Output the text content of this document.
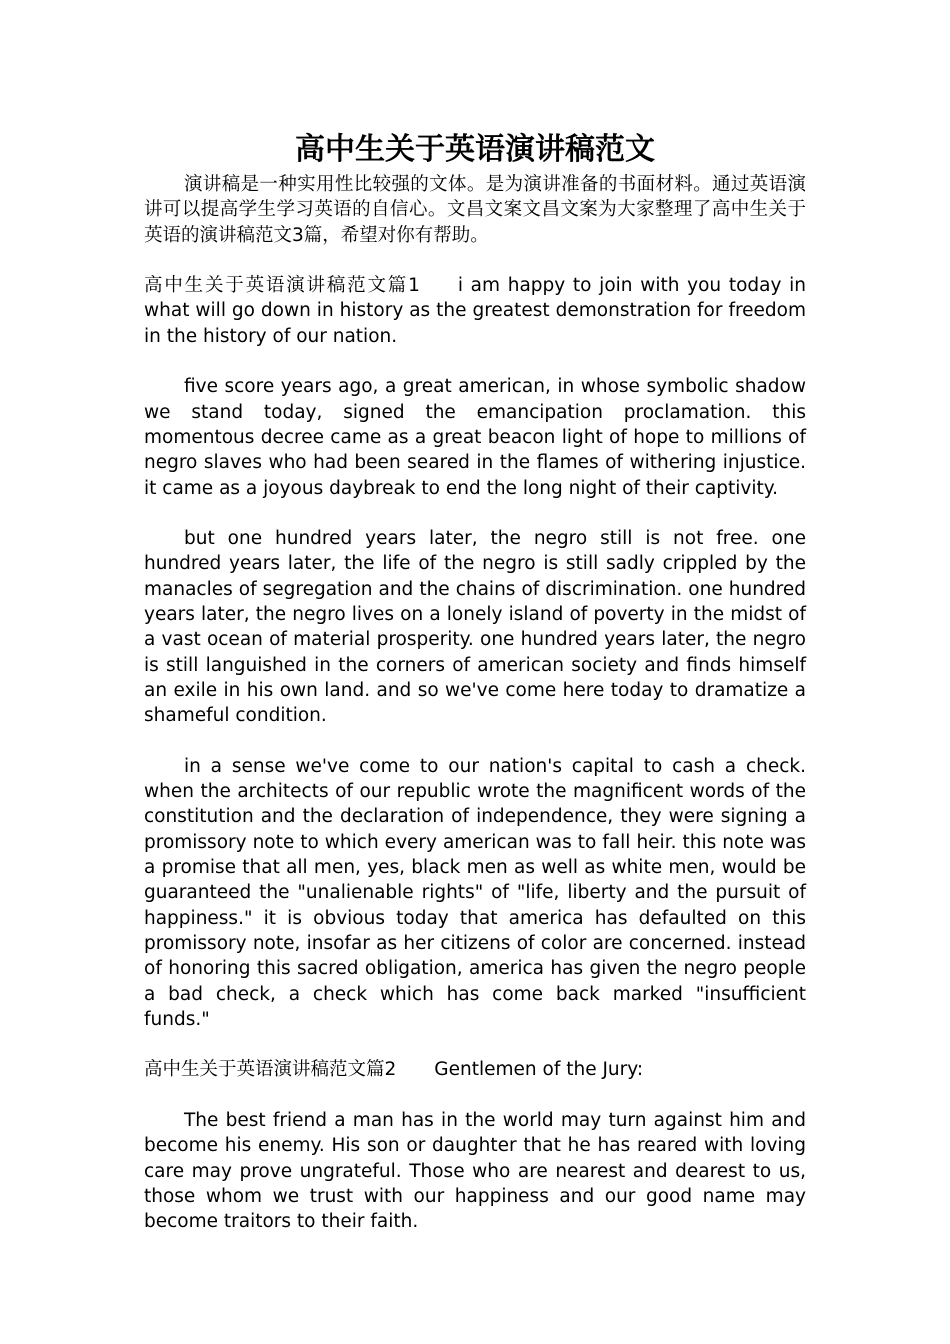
高中生关于英语演讲稿范文

演讲稿是一种实用性比较强的文体。是为演讲准备的书面材料。通过英语演讲可以提高学生学习英语的自信心。文昌文案文昌文案为大家整理了高中生关于英语的演讲稿范文3篇，希望对你有帮助。

高中生关于英语演讲稿范文篇1 i am happy to join with you today in what will go down in history as the greatest demonstration for freedom in the history of our nation.

five score years ago, a great american, in whose symbolic shadow we stand today, signed the emancipation proclamation. this momentous decree came as a great beacon light of hope to millions of negro slaves who had been seared in the flames of withering injustice. it came as a joyous daybreak to end the long night of their captivity.

but one hundred years later, the negro still is not free. one hundred years later, the life of the negro is still sadly crippled by the manacles of segregation and the chains of discrimination. one hundred years later, the negro lives on a lonely island of poverty in the midst of a vast ocean of material prosperity. one hundred years later, the negro is still languished in the corners of american society and finds himself an exile in his own land. and so we've come here today to dramatize a shameful condition.

in a sense we've come to our nation's capital to cash a check. when the architects of our republic wrote the magnificent words of the constitution and the declaration of independence, they were signing a promissory note to which every american was to fall heir. this note was a promise that all men, yes, black men as well as white men, would be guaranteed the "unalienable rights" of "life, liberty and the pursuit of happiness." it is obvious today that america has defaulted on this promissory note, insofar as her citizens of color are concerned. instead of honoring this sacred obligation, america has given the negro people a bad check, a check which has come back marked "insufficient funds."

高中生关于英语演讲稿范文篇2 Gentlemen of the Jury:

The best friend a man has in the world may turn against him and become his enemy. His son or daughter that he has reared with loving care may prove ungrateful. Those who are nearest and dearest to us, those whom we trust with our happiness and our good name may become traitors to their faith.
